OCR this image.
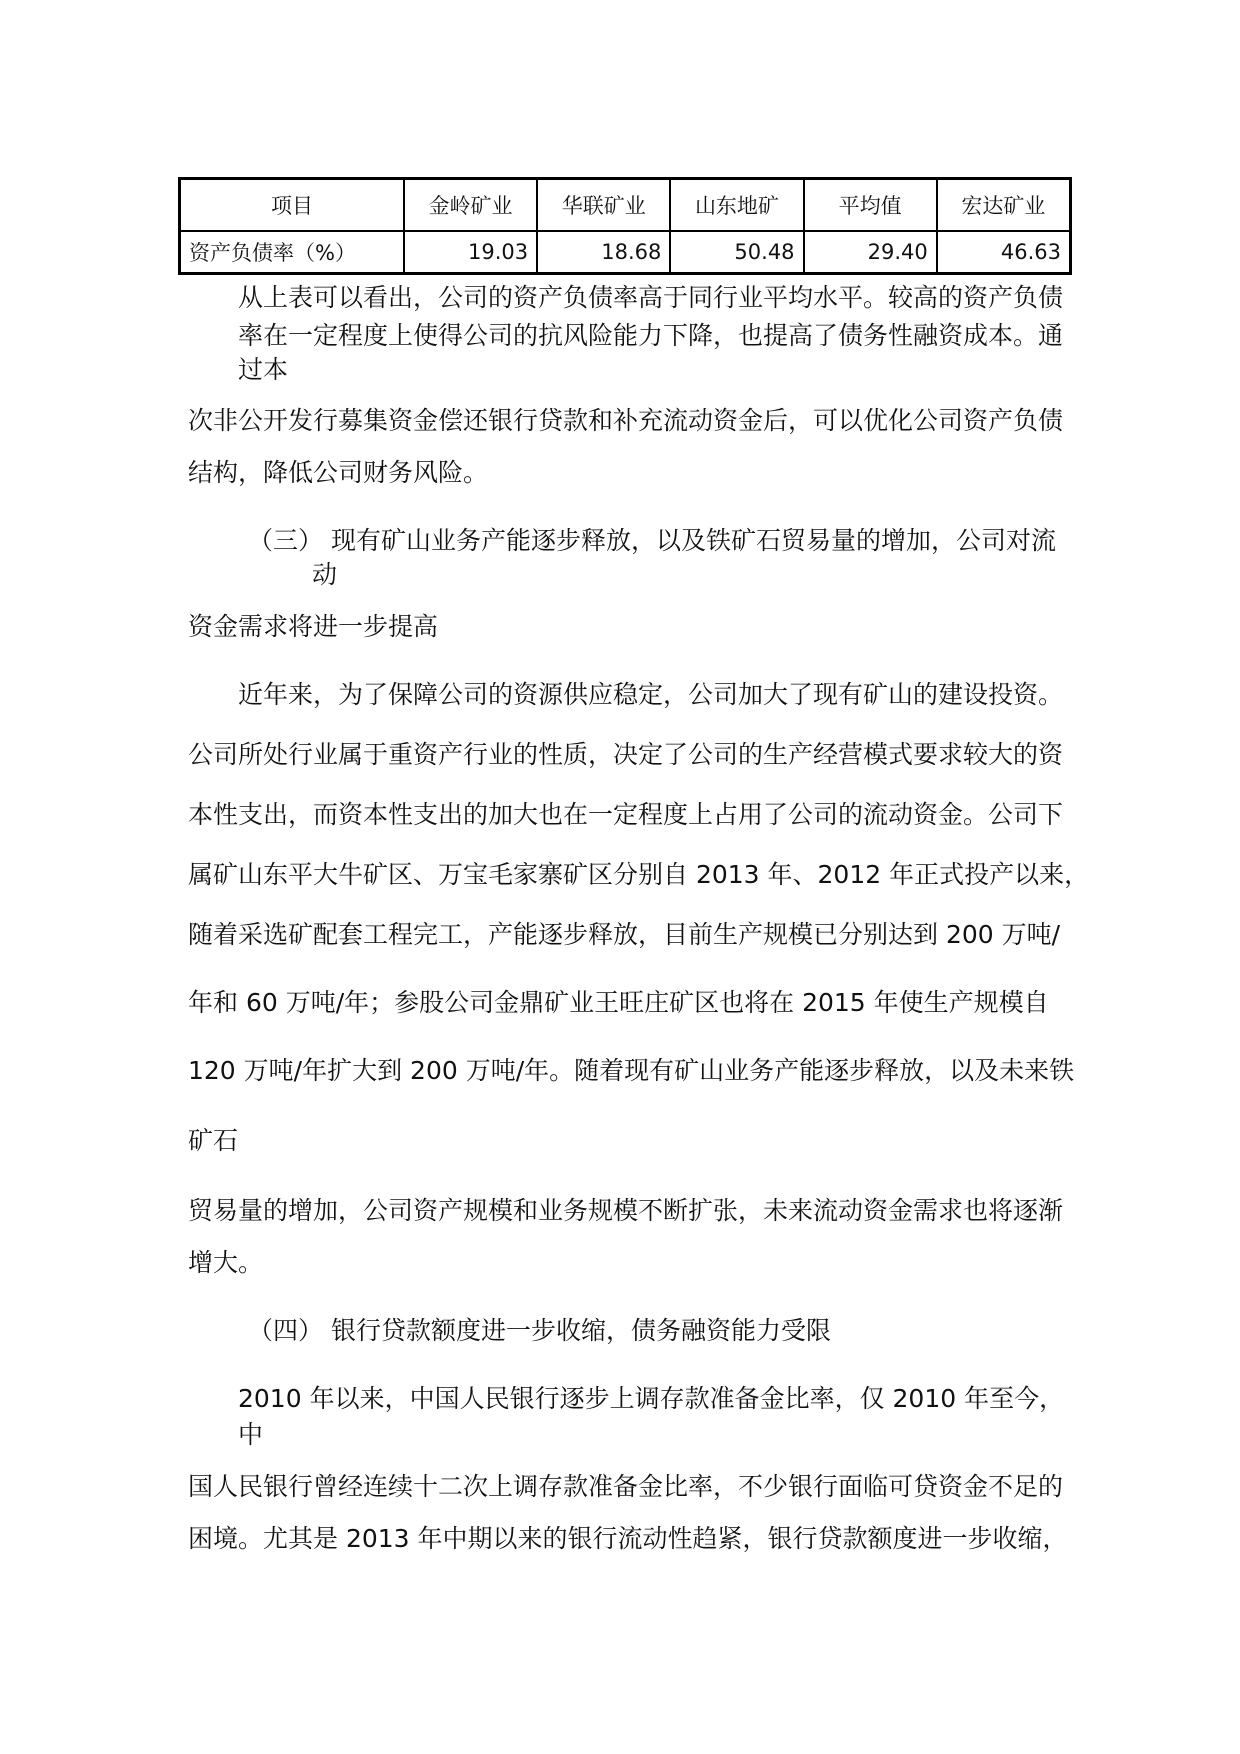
项目	金岭矿业	华联矿业	山东地矿	平均值	宏达矿业
资产负债率（%）	19.03	18.68	50.48	29.40	46.63
从上表可以看出，公司的资产负债率高于同行业平均水平。较高的资产负债
率在一定程度上使得公司的抗风险能力下降，也提高了债务性融资成本。通
过本
次非公开发行募集资金偿还银行贷款和补充流动资金后，可以优化公司资产负债
结构，降低公司财务风险。
（三） 现有矿山业务产能逐步释放，以及铁矿石贸易量的增加，公司对流
动
资金需求将进一步提高
近年来，为了保障公司的资源供应稳定，公司加大了现有矿山的建设投资。
公司所处行业属于重资产行业的性质，决定了公司的生产经营模式要求较大的资
本性支出，而资本性支出的加大也在一定程度上占用了公司的流动资金。公司下
属矿山东平大牛矿区、万宝毛家寨矿区分别自 2013 年、2012 年正式投产以来，
随着采选矿配套工程完工，产能逐步释放，目前生产规模已分别达到 200 万吨/
年和 60 万吨/年；参股公司金鼎矿业王旺庄矿区也将在 2015 年使生产规模自
120 万吨/年扩大到 200 万吨/年。随着现有矿山业务产能逐步释放，以及未来铁
矿石
贸易量的增加，公司资产规模和业务规模不断扩张，未来流动资金需求也将逐渐
增大。
（四） 银行贷款额度进一步收缩，债务融资能力受限
2010 年以来，中国人民银行逐步上调存款准备金比率，仅 2010 年至今，
中
国人民银行曾经连续十二次上调存款准备金比率，不少银行面临可贷资金不足的
困境。尤其是 2013 年中期以来的银行流动性趋紧，银行贷款额度进一步收缩，
